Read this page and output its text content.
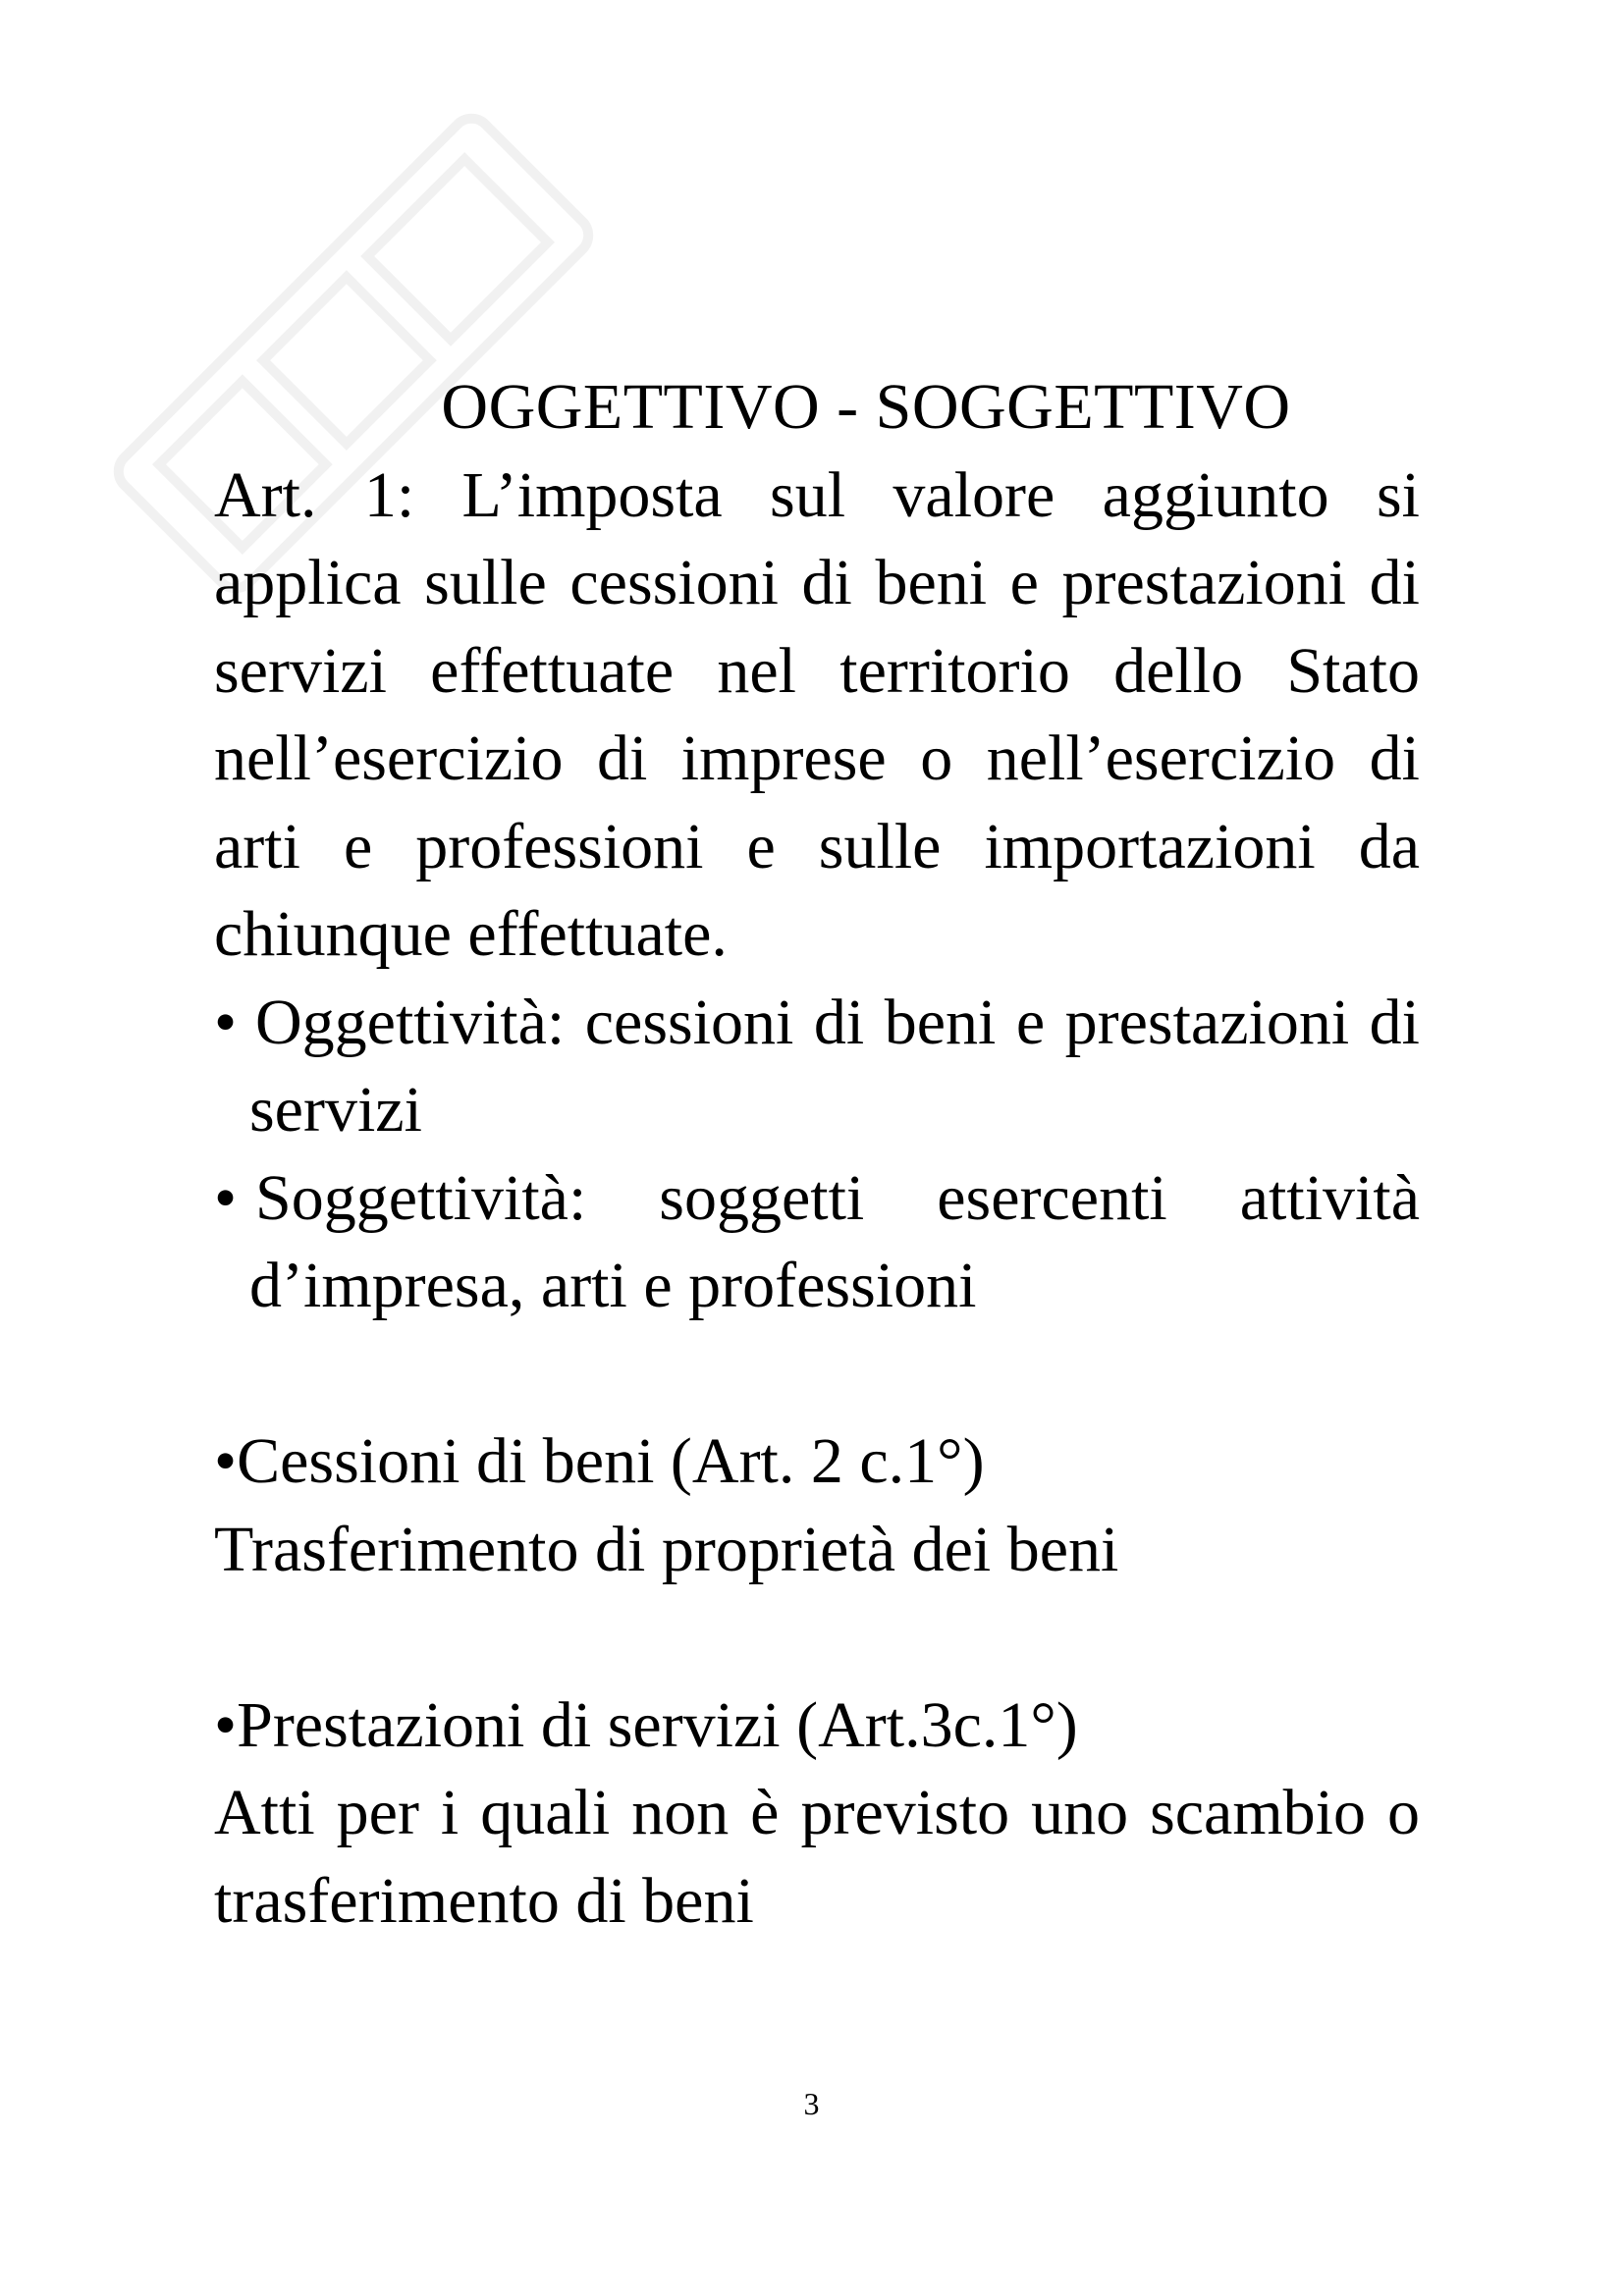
OGGETTIVO - SOGGETTIVO

Art. 1: L’imposta sul valore aggiunto si applica sulle cessioni di beni e prestazioni di servizi effettuate nel territorio dello Stato nell’esercizio di imprese o nell’esercizio di arti e professioni e sulle importazioni da chiunque effettuate.

• Oggettività: cessioni di beni e prestazioni di servizi

• Soggettività: soggetti esercenti attività d’impresa, arti e professioni

•Cessioni di beni (Art. 2 c.1°)

Trasferimento di proprietà dei beni

•Prestazioni di servizi (Art.3c.1°)

Atti per i quali non è previsto uno scambio o trasferimento di beni

3
